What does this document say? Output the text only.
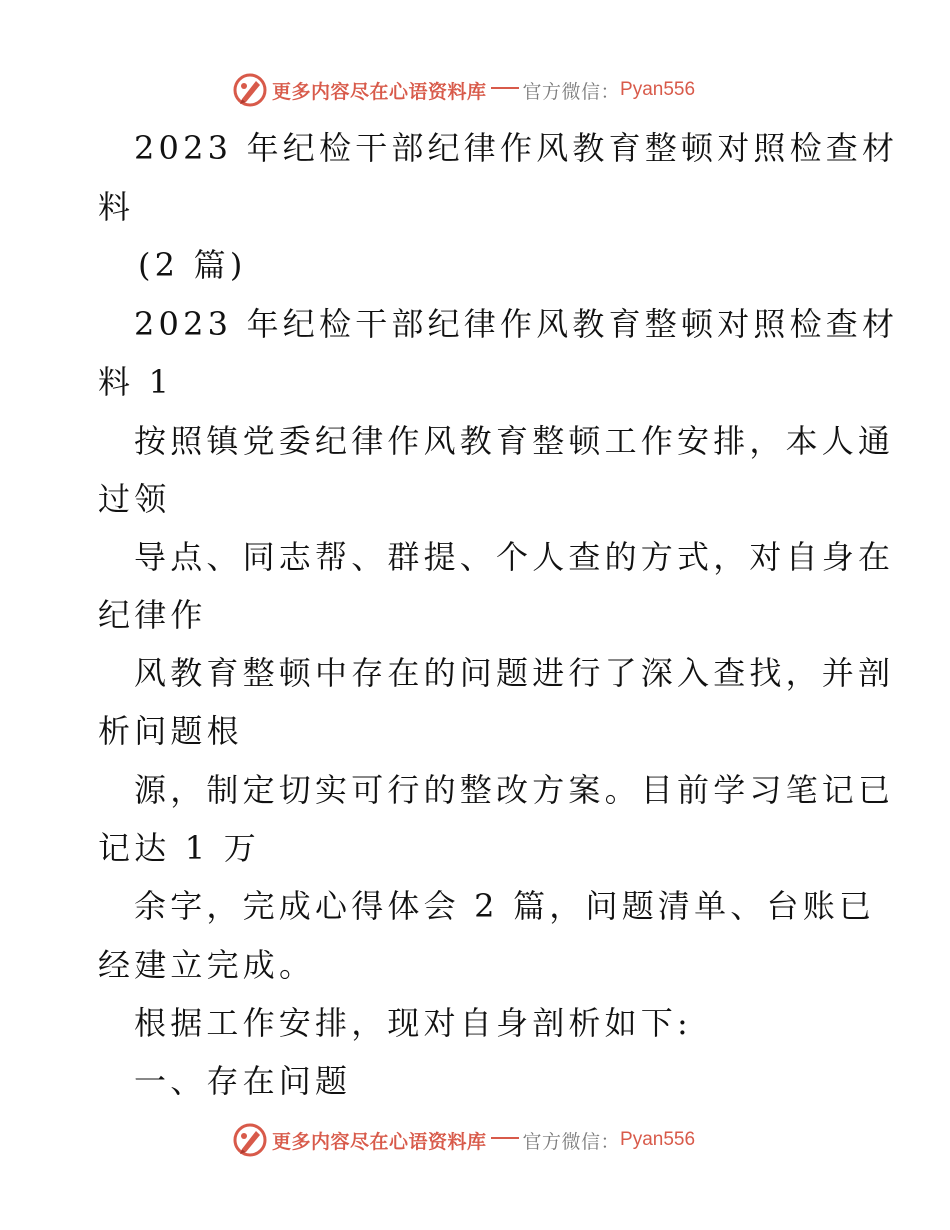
更多内容尽在心语资料库 官方微信： Pyan556
2023 年纪检干部纪律作风教育整顿对照检查材
料
(2 篇)
2023 年纪检干部纪律作风教育整顿对照检查材
料 1
按照镇党委纪律作风教育整顿工作安排，本人通
过领
导点、同志帮、群提、个人查的方式，对自身在
纪律作
风教育整顿中存在的问题进行了深入查找，并剖
析问题根
源，制定切实可行的整改方案。目前学习笔记已
记达 1 万
余字，完成心得体会 2 篇，问题清单、台账已
经建立完成。
根据工作安排，现对自身剖析如下:
一、存在问题
更多内容尽在心语资料库 官方微信： Pyan556
